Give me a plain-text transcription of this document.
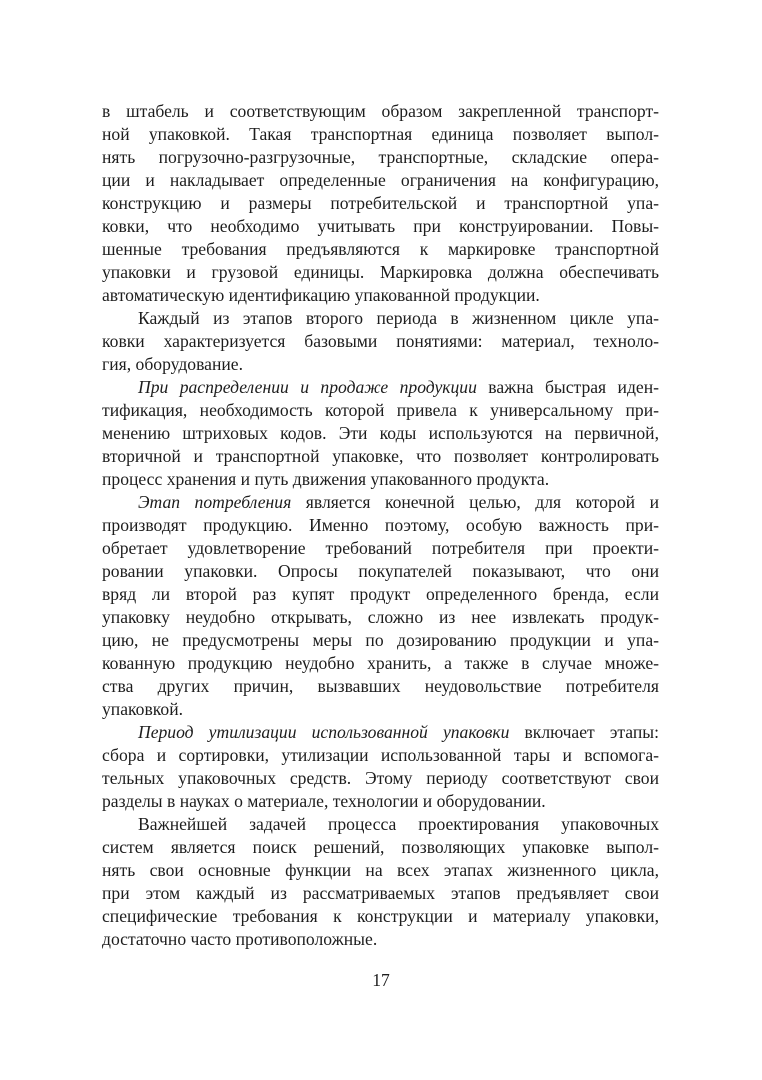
в штабель и соответствующим образом закрепленной транспорт-
ной упаковкой. Такая транспортная единица позволяет выпол-
нять погрузочно-разгрузочные, транспортные, складские опера-
ции и накладывает определенные ограничения на конфигурацию,
конструкцию и размеры потребительской и транспортной упа-
ковки, что необходимо учитывать при конструировании. Повы-
шенные требования предъявляются к маркировке транспортной
упаковки и грузовой единицы. Маркировка должна обеспечивать
автоматическую идентификацию упакованной продукции.
Каждый из этапов второго периода в жизненном цикле упа-
ковки характеризуется базовыми понятиями: материал, техноло-
гия, оборудование.
При распределении и продаже продукции важна быстрая иден-
тификация, необходимость которой привела к универсальному при-
менению штриховых кодов. Эти коды используются на первичной,
вторичной и транспортной упаковке, что позволяет контролировать
процесс хранения и путь движения упакованного продукта.
Этап потребления является конечной целью, для которой и
производят продукцию. Именно поэтому, особую важность при-
обретает удовлетворение требований потребителя при проекти-
ровании упаковки. Опросы покупателей показывают, что они
вряд ли второй раз купят продукт определенного бренда, если
упаковку неудобно открывать, сложно из нее извлекать продук-
цию, не предусмотрены меры по дозированию продукции и упа-
кованную продукцию неудобно хранить, а также в случае множе-
ства других причин, вызвавших неудовольствие потребителя
упаковкой.
Период утилизации использованной упаковки включает этапы:
сбора и сортировки, утилизации использованной тары и вспомога-
тельных упаковочных средств. Этому периоду соответствуют свои
разделы в науках о материале, технологии и оборудовании.
Важнейшей задачей процесса проектирования упаковочных
систем является поиск решений, позволяющих упаковке выпол-
нять свои основные функции на всех этапах жизненного цикла,
при этом каждый из рассматриваемых этапов предъявляет свои
специфические требования к конструкции и материалу упаковки,
достаточно часто противоположные.
17
